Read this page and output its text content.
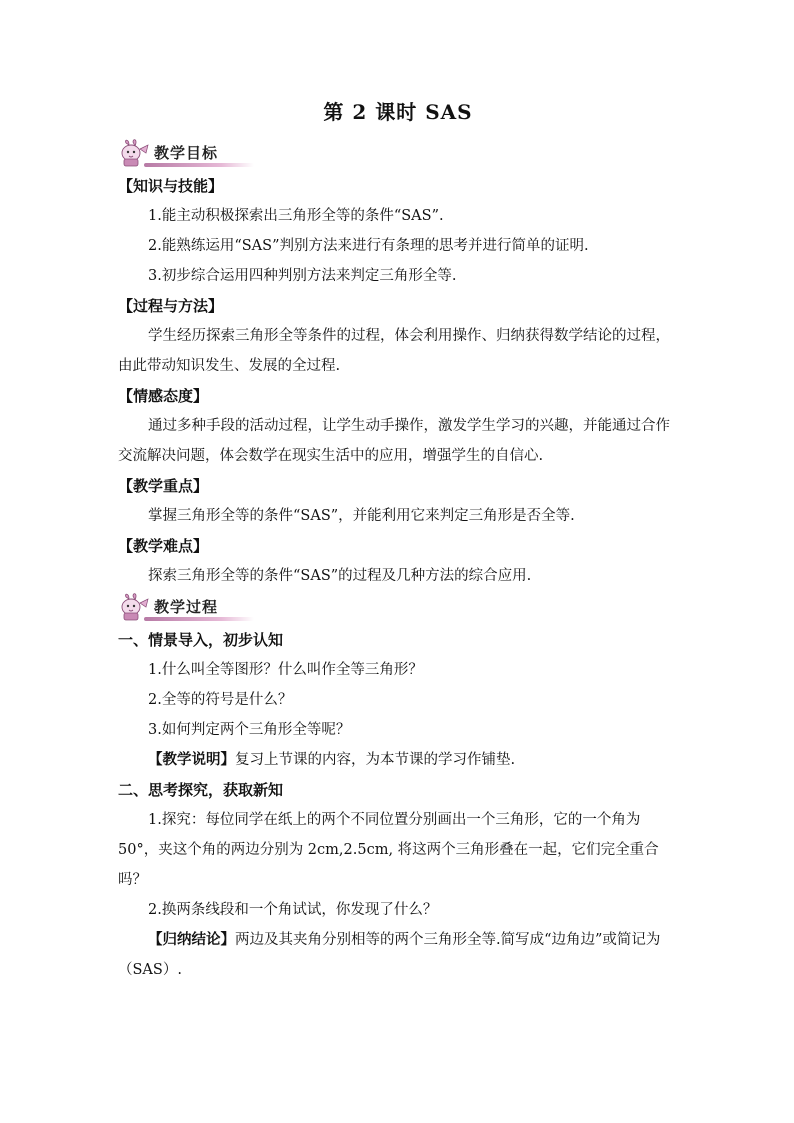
第 2 课时 SAS
教学目标

【知识与技能】

1.能主动积极探索出三角形全等的条件“SAS”.

2.能熟练运用“SAS”判别方法来进行有条理的思考并进行简单的证明.

3.初步综合运用四种判别方法来判定三角形全等.

【过程与方法】

学生经历探索三角形全等条件的过程，体会利用操作、归纳获得数学结论的过程，由此带动知识发生、发展的全过程.

【情感态度】

通过多种手段的活动过程，让学生动手操作，激发学生学习的兴趣，并能通过合作交流解决问题，体会数学在现实生活中的应用，增强学生的自信心.

【教学重点】

掌握三角形全等的条件“SAS”，并能利用它来判定三角形是否全等.

【教学难点】

探索三角形全等的条件“SAS”的过程及几种方法的综合应用.

教学过程

一、情景导入，初步认知

1.什么叫全等图形？什么叫作全等三角形？

2.全等的符号是什么？

3.如何判定两个三角形全等呢？

【教学说明】复习上节课的内容，为本节课的学习作铺垫.

二、思考探究，获取新知

1.探究：每位同学在纸上的两个不同位置分别画出一个三角形，它的一个角为 50°，夹这个角的两边分别为 2cm,2.5cm, 将这两个三角形叠在一起，它们完全重合吗？

2.换两条线段和一个角试试，你发现了什么？

【归纳结论】两边及其夹角分别相等的两个三角形全等.简写成“边角边”或简记为（SAS）.
